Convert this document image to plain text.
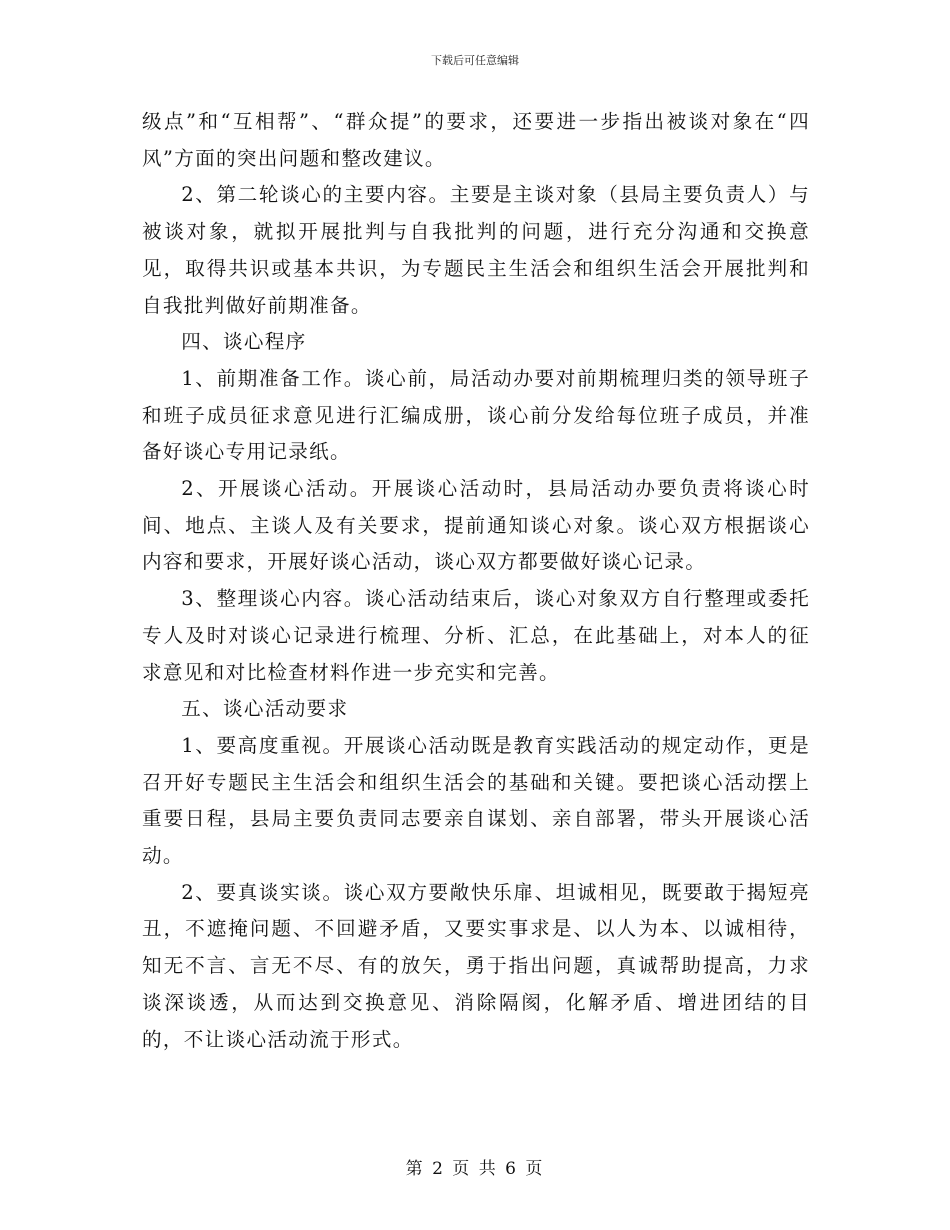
下载后可任意编辑

级点”和“互相帮”、“群众提”的要求，还要进一步指出被谈对象在“四风”方面的突出问题和整改建议。

2、第二轮谈心的主要内容。主要是主谈对象（县局主要负责人）与被谈对象，就拟开展批判与自我批判的问题，进行充分沟通和交换意见，取得共识或基本共识，为专题民主生活会和组织生活会开展批判和自我批判做好前期准备。

四、谈心程序

1、前期准备工作。谈心前，局活动办要对前期梳理归类的领导班子和班子成员征求意见进行汇编成册，谈心前分发给每位班子成员，并准备好谈心专用记录纸。

2、开展谈心活动。开展谈心活动时，县局活动办要负责将谈心时间、地点、主谈人及有关要求，提前通知谈心对象。谈心双方根据谈心内容和要求，开展好谈心活动，谈心双方都要做好谈心记录。

3、整理谈心内容。谈心活动结束后，谈心对象双方自行整理或委托专人及时对谈心记录进行梳理、分析、汇总，在此基础上，对本人的征求意见和对比检查材料作进一步充实和完善。

五、谈心活动要求

1、要高度重视。开展谈心活动既是教育实践活动的规定动作，更是召开好专题民主生活会和组织生活会的基础和关键。要把谈心活动摆上重要日程，县局主要负责同志要亲自谋划、亲自部署，带头开展谈心活动。

2、要真谈实谈。谈心双方要敞快乐扉、坦诚相见，既要敢于揭短亮丑，不遮掩问题、不回避矛盾，又要实事求是、以人为本、以诚相待，知无不言、言无不尽、有的放矢，勇于指出问题，真诚帮助提高，力求谈深谈透，从而达到交换意见、消除隔阂，化解矛盾、增进团结的目的，不让谈心活动流于形式。

第 2 页 共 6 页
